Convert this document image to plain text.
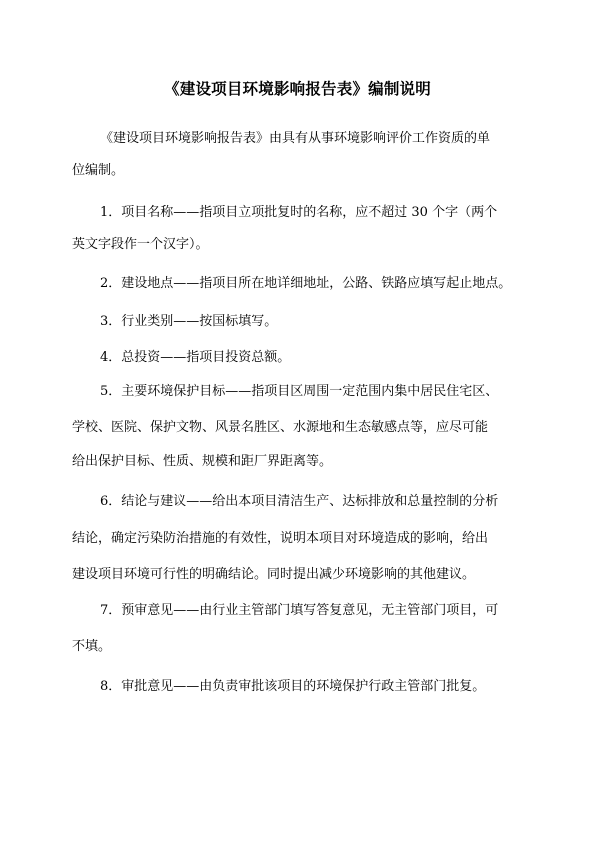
《建设项目环境影响报告表》编制说明
《建设项目环境影响报告表》由具有从事环境影响评价工作资质的单
位编制。
1．项目名称——指项目立项批复时的名称，应不超过 30 个字（两个
英文字段作一个汉字）。
2．建设地点——指项目所在地详细地址，公路、铁路应填写起止地点。
3．行业类别——按国标填写。
4．总投资——指项目投资总额。
5．主要环境保护目标——指项目区周围一定范围内集中居民住宅区、
学校、医院、保护文物、风景名胜区、水源地和生态敏感点等，应尽可能
给出保护目标、性质、规模和距厂界距离等。
6．结论与建议——给出本项目清洁生产、达标排放和总量控制的分析
结论，确定污染防治措施的有效性，说明本项目对环境造成的影响，给出
建设项目环境可行性的明确结论。同时提出减少环境影响的其他建议。
7．预审意见——由行业主管部门填写答复意见，无主管部门项目，可
不填。
8．审批意见——由负责审批该项目的环境保护行政主管部门批复。
